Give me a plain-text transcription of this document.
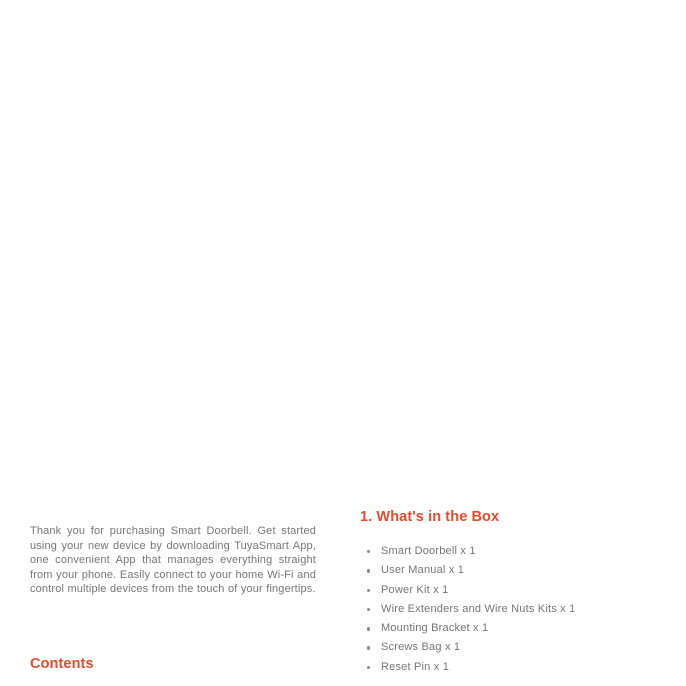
Thank you for purchasing Smart Doorbell. Get started using your new device by downloading TuyaSmart App, one convenient App that manages everything straight from your phone. Easily connect to your home Wi-Fi and control multiple devices from the touch of your fingertips.

Contents
1. What's in the Box
Smart Doorbell x 1
User Manual x 1
Power Kit x 1
Wire Extenders and Wire Nuts Kits x 1
Mounting Bracket x 1
Screws Bag x 1
Reset Pin x 1
